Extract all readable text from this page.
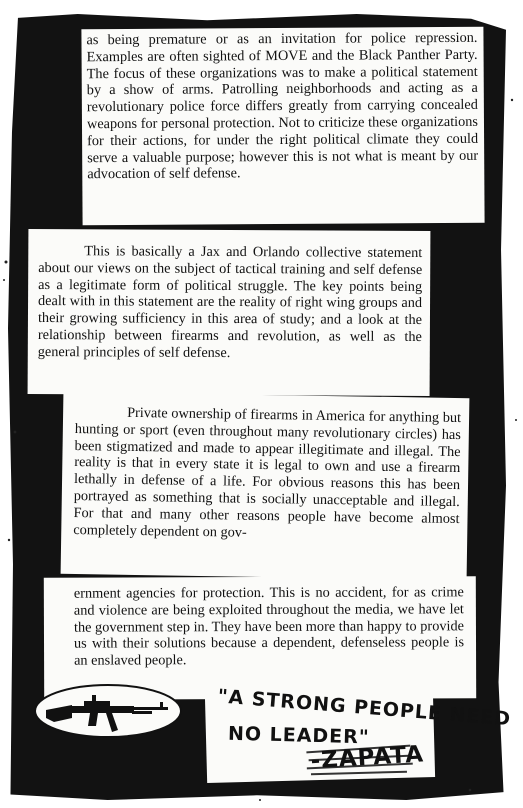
as being premature or as an invitation for police repression. Examples are often sighted of MOVE and the Black Panther Party. The focus of these organizations was to make a political statement by a show of arms. Patrolling neighborhoods and acting as a revolutionary police force differs greatly from carrying concealed weapons for personal protection. Not to criticize these organizations for their actions, for under the right political climate they could serve a valuable purpose; however this is not what is meant by our advocation of self defense.

This is basically a Jax and Orlando collective statement about our views on the subject of tactical training and self defense as a legitimate form of political struggle. The key points being dealt with in this statement are the reality of right wing groups and their growing sufficiency in this area of study; and a look at the relationship between firearms and revolution, as well as the general principles of self defense.

Private ownership of firearms in America for anything but hunting or sport (even throughout many revolutionary circles) has been stigmatized and made to appear illegitimate and illegal. The reality is that in every state it is legal to own and use a firearm lethally in defense of a life. For obvious reasons this has been portrayed as something that is socially unacceptable and illegal. For that and many other reasons people have become almost completely dependent on gov-

ernment agencies for protection. This is no accident, for as crime and violence are being exploited throughout the media, we have let the government step in. They have been more than happy to provide us with their solutions because a dependent, defenseless people is an enslaved people.

"A STRONG PEOPLE NEED
NO LEADER"
-ZAPATA
